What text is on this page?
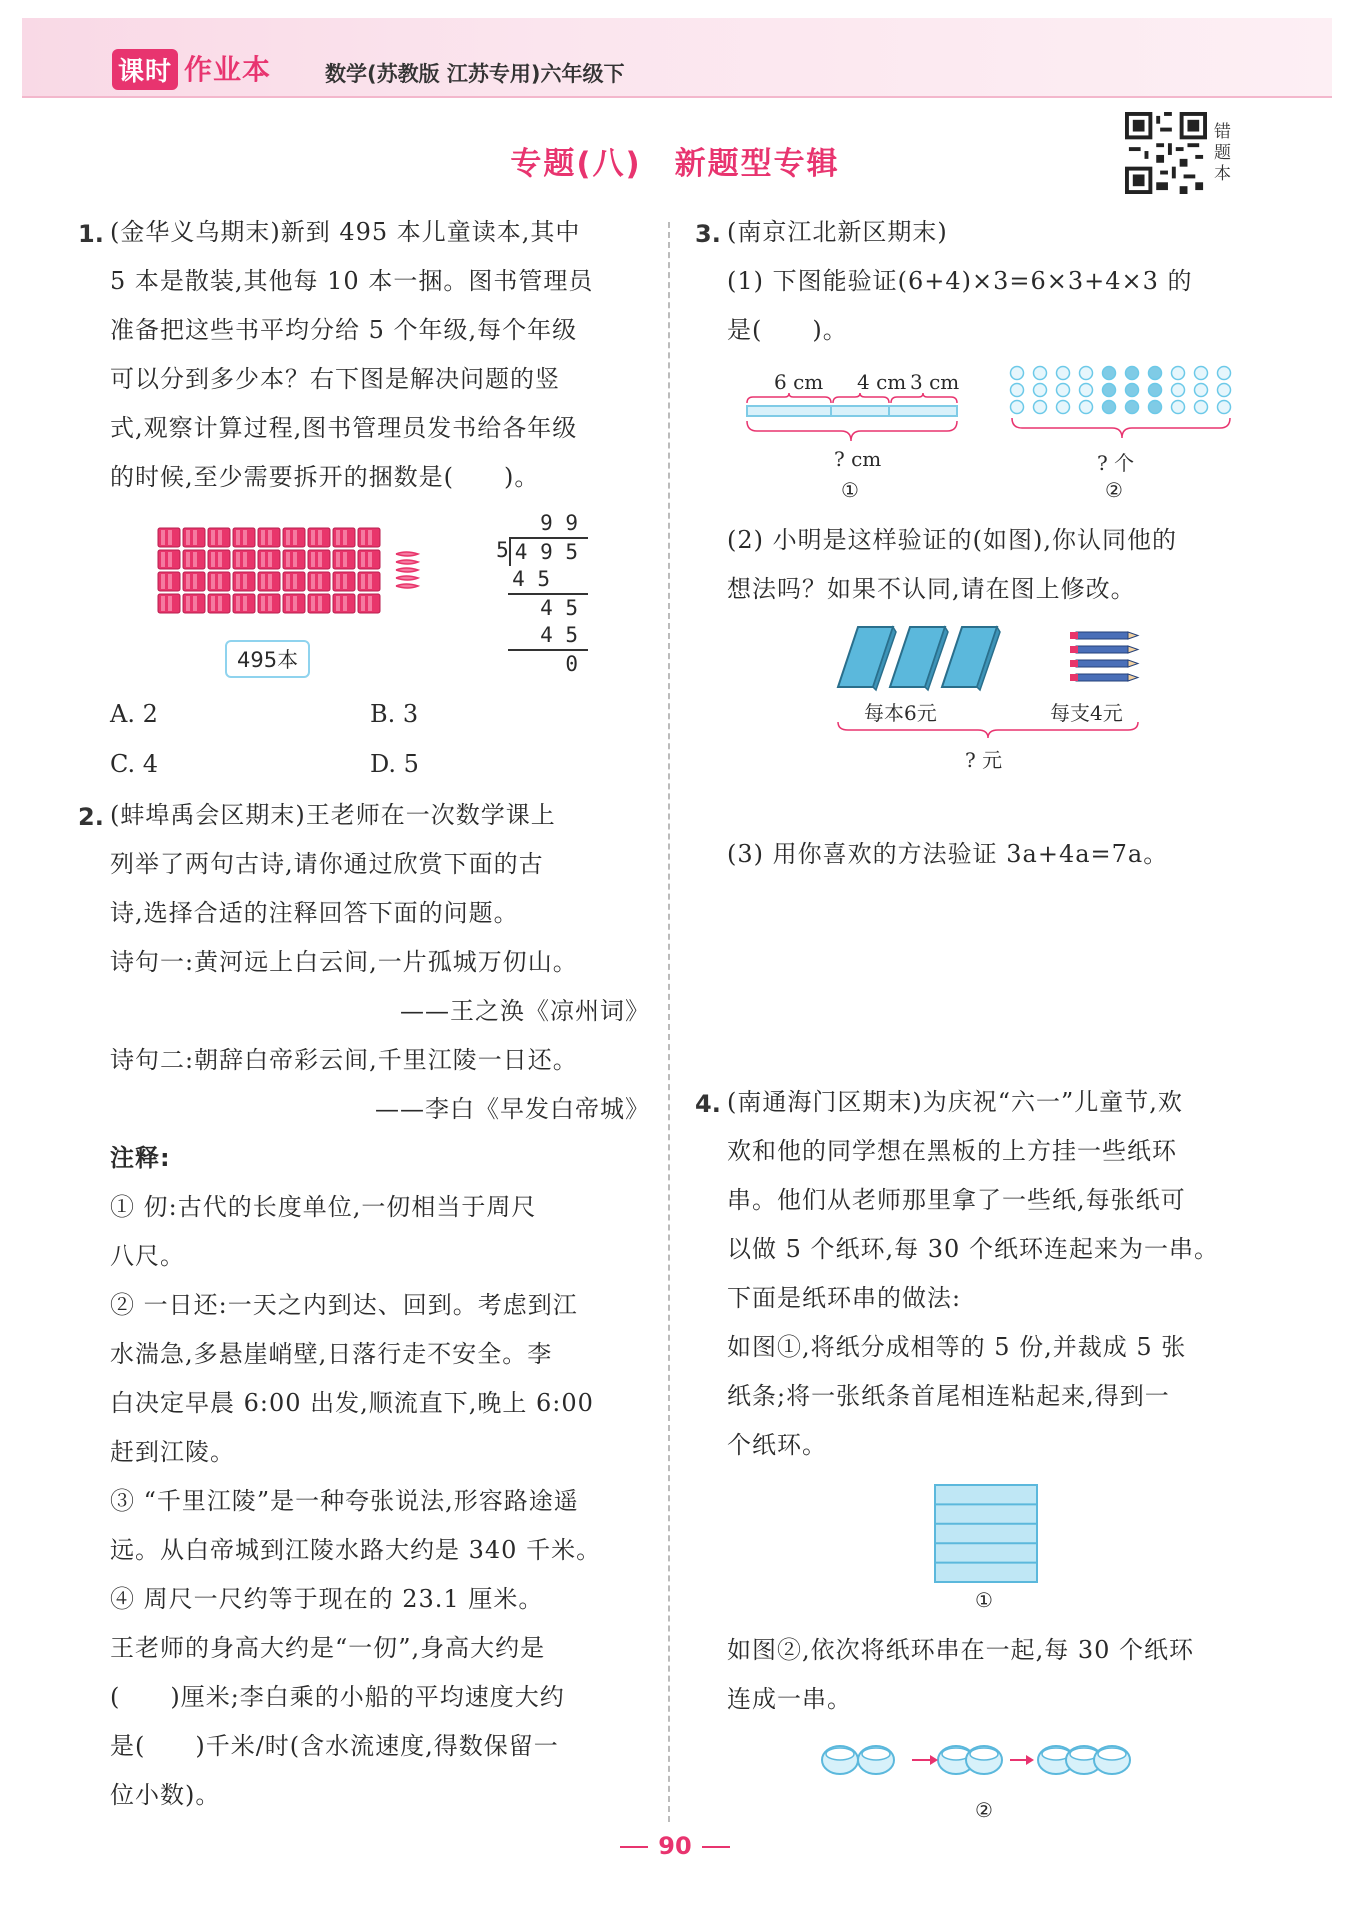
课时 作业本	数学(苏教版 江苏专用)六年级下
专题(八)　新题型专辑
错题本
1. (金华义乌期末)新到 495 本儿童读本,其中
5 本是散装,其他每 10 本一捆。图书管理员
准备把这些书平均分给 5 个年级,每个年级
可以分到多少本？右下图是解决问题的竖
式,观察计算过程,图书管理员发书给各年级
的时候,至少需要拆开的捆数是(　　)。
495本
9 9
5 4 9 5
4 5
4 5
4 5
0
A. 2	B. 3
C. 4	D. 5
2. (蚌埠禹会区期末)王老师在一次数学课上
列举了两句古诗,请你通过欣赏下面的古
诗,选择合适的注释回答下面的问题。
诗句一:黄河远上白云间,一片孤城万仞山。
——王之涣《凉州词》
诗句二:朝辞白帝彩云间,千里江陵一日还。
——李白《早发白帝城》
注释:
① 仞:古代的长度单位,一仞相当于周尺
八尺。
② 一日还:一天之内到达、回到。考虑到江
水湍急,多悬崖峭壁,日落行走不安全。李
白决定早晨 6:00 出发,顺流直下,晚上 6:00
赶到江陵。
③ “千里江陵”是一种夸张说法,形容路途遥
远。从白帝城到江陵水路大约是 340 千米。
④ 周尺一尺约等于现在的 23.1 厘米。
王老师的身高大约是“一仞”,身高大约是
(　　)厘米;李白乘的小船的平均速度大约
是(　　)千米/时(含水流速度,得数保留一
位小数)。
3. (南京江北新区期末)
(1) 下图能验证(6+4)×3=6×3+4×3 的
是(　　)。
6 cm 4 cm 3 cm
? cm
①
? 个
②
(2) 小明是这样验证的(如图),你认同他的
想法吗？如果不认同,请在图上修改。
每本6元	每支4元
? 元
(3) 用你喜欢的方法验证 3a+4a=7a。
4. (南通海门区期末)为庆祝“六一”儿童节,欢
欢和他的同学想在黑板的上方挂一些纸环
串。他们从老师那里拿了一些纸,每张纸可
以做 5 个纸环,每 30 个纸环连起来为一串。
下面是纸环串的做法:
如图①,将纸分成相等的 5 份,并裁成 5 张
纸条;将一张纸条首尾相连粘起来,得到一
个纸环。
①
如图②,依次将纸环串在一起,每 30 个纸环
连成一串。
②
90
